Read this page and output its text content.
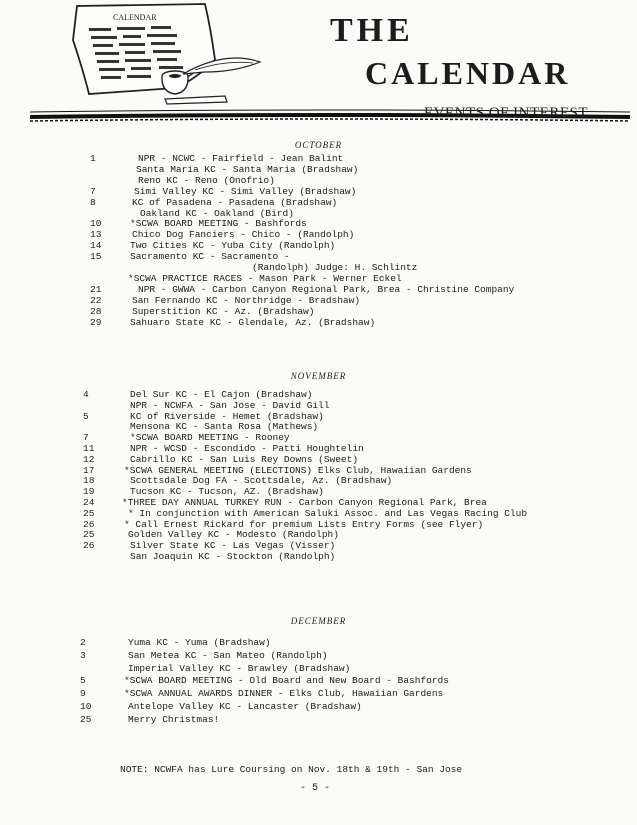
CALENDAR	THE
CALENDAR
EVENTS OF INTEREST
OCTOBER
NOVEMBER
DECEMBER
1	NPR - NCWC - Fairfield - Jean Balint
Santa Maria KC - Santa Maria (Bradshaw)
Reno KC - Reno (Onofrio)
7	Simi Valley KC - Simi Valley (Bradshaw)
8	KC of Pasadena - Pasadena (Bradshaw)
Oakland KC - Oakland (Bird)
10	*SCWA BOARD MEETING - Bashfords
13	Chico Dog Fanciers - Chico - (Randolph)
14	Two Cities KC - Yuba City (Randolph)
15	Sacramento KC - Sacramento -
(Randolph) Judge: H. Schlintz
*SCWA PRACTICE RACES - Mason Park - Werner Eckel
21	NPR - GWWA - Carbon Canyon Regional Park, Brea - Christine Company
22	San Fernando KC - Northridge - Bradshaw)
28	Superstition KC - Az. (Bradshaw)
29	Sahuaro State KC - Glendale, Az. (Bradshaw)
4	Del Sur KC - El Cajon (Bradshaw)
NPR - NCWFA - San Jose - David Gill
5	KC of Riverside - Hemet (Bradshaw)
Mensona KC - Santa Rosa (Mathews)
7	*SCWA BOARD MEETING - Rooney
11	NPR - WCSD - Escondido - Patti Houghtelin
12	Cabrillo KC - San Luis Rey Downs (Sweet)
17	*SCWA GENERAL MEETING (ELECTIONS) Elks Club, Hawaiian Gardens
18	Scottsdale Dog FA - Scottsdale, Az. (Bradshaw)
19	Tucson KC - Tucson, AZ. (Bradshaw)
24	*THREE DAY ANNUAL TURKEY RUN - Carbon Canyon Regional Park, Brea
25	* In conjunction with American Saluki Assoc. and Las Vegas Racing Club
26	* Call Ernest Rickard for premium Lists Entry Forms (see Flyer)
25	Golden Valley KC - Modesto (Randolph)
26	Silver State KC - Las Vegas (Visser)
San Joaquin KC - Stockton (Randolph)
2	Yuma KC - Yuma (Bradshaw)
3	San Metea KC - San Mateo (Randolph)
Imperial Valley KC - Brawley (Bradshaw)
5	*SCWA BOARD MEETING - Old Board and New Board - Bashfords
9	*SCWA ANNUAL AWARDS DINNER - Elks Club, Hawaiian Gardens
10	Antelope Valley KC - Lancaster (Bradshaw)
25	Merry Christmas!
NOTE: NCWFA has Lure Coursing on Nov. 18th & 19th - San Jose
- 5 -
